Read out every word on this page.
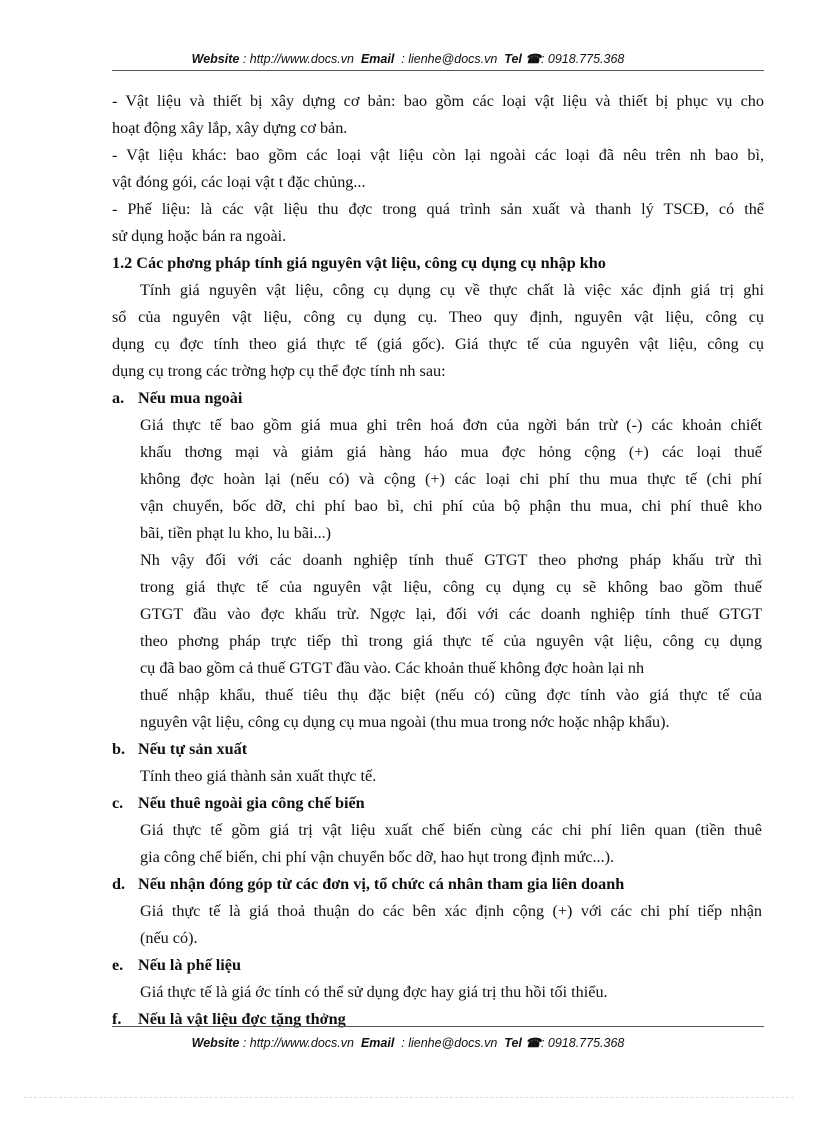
Website : http://www.docs.vn Email : lienhe@docs.vn Tel ☎: 0918.775.368
- Vật liệu và thiết bị xây dựng cơ bản: bao gồm các loại vật liệu và thiết bị phục vụ cho
hoạt động xây lắp, xây dựng cơ bản.
- Vật liệu khác: bao gồm các loại vật liệu còn lại ngoài các loại đã nêu trên nh bao bì,
vật đóng gói, các loại vật t đặc chủng...
- Phế liệu: là các vật liệu thu đợc trong quá trình sản xuất và thanh lý TSCĐ, có thể
sử dụng hoặc bán ra ngoài.
1.2 Các phơng pháp tính giá nguyên vật liệu, công cụ dụng cụ nhập kho
Tính giá nguyên vật liệu, công cụ dụng cụ về thực chất là việc xác định giá trị ghi
sổ của nguyên vật liệu, công cụ dụng cụ. Theo quy định, nguyên vật liệu, công cụ
dụng cụ đợc tính theo giá thực tế (giá gốc). Giá thực tế của nguyên vật liệu, công cụ
dụng cụ trong các trờng hợp cụ thể đợc tính nh sau:
a. Nếu mua ngoài
Giá thực tế bao gồm giá mua ghi trên hoá đơn của ngời bán trừ (-) các khoản chiết
khấu thơng mại và giảm giá hàng háo mua đợc hỏng cộng (+) các loại thuế
không đợc hoàn lại (nếu có) và cộng (+) các loại chi phí thu mua thực tế (chi phí
vận chuyển, bốc dỡ, chi phí bao bì, chi phí của bộ phận thu mua, chi phí thuê kho
bãi, tiền phạt lu kho, lu bãi...)
Nh vậy đối với các doanh nghiệp tính thuế GTGT theo phơng pháp khấu trừ thì
trong giá thực tế của nguyên vật liệu, công cụ dụng cụ sẽ không bao gồm thuế
GTGT đầu vào đợc khấu trừ. Ngợc lại, đối với các doanh nghiệp tính thuế GTGT
theo phơng pháp trực tiếp thì trong giá thực tế của nguyên vật liệu, công cụ dụng
cụ đã bao gồm cả thuế GTGT đầu vào. Các khoản thuế không đợc hoàn lại nh
thuế nhập khẩu, thuế tiêu thụ đặc biệt (nếu có) cũng đợc tính vào giá thực tế của
nguyên vật liệu, công cụ dụng cụ mua ngoài (thu mua trong nớc hoặc nhập khẩu).
b. Nếu tự sản xuất
Tính theo giá thành sản xuất thực tế.
c. Nếu thuê ngoài gia công chế biến
Giá thực tế gồm giá trị vật liệu xuất chế biến cùng các chi phí liên quan (tiền thuê
gia công chế biến, chi phí vận chuyển bốc dỡ, hao hụt trong định mức...).
d. Nếu nhận đóng góp từ các đơn vị, tổ chức cá nhân tham gia liên doanh
Giá thực tế là giá thoả thuận do các bên xác định cộng (+) với các chi phí tiếp nhận
(nếu có).
e. Nếu là phế liệu
Giá thực tế là giá ớc tính có thể sử dụng đợc hay giá trị thu hồi tối thiểu.
f. Nếu là vật liệu đợc tặng thởng
Website : http://www.docs.vn Email : lienhe@docs.vn Tel ☎: 0918.775.368
